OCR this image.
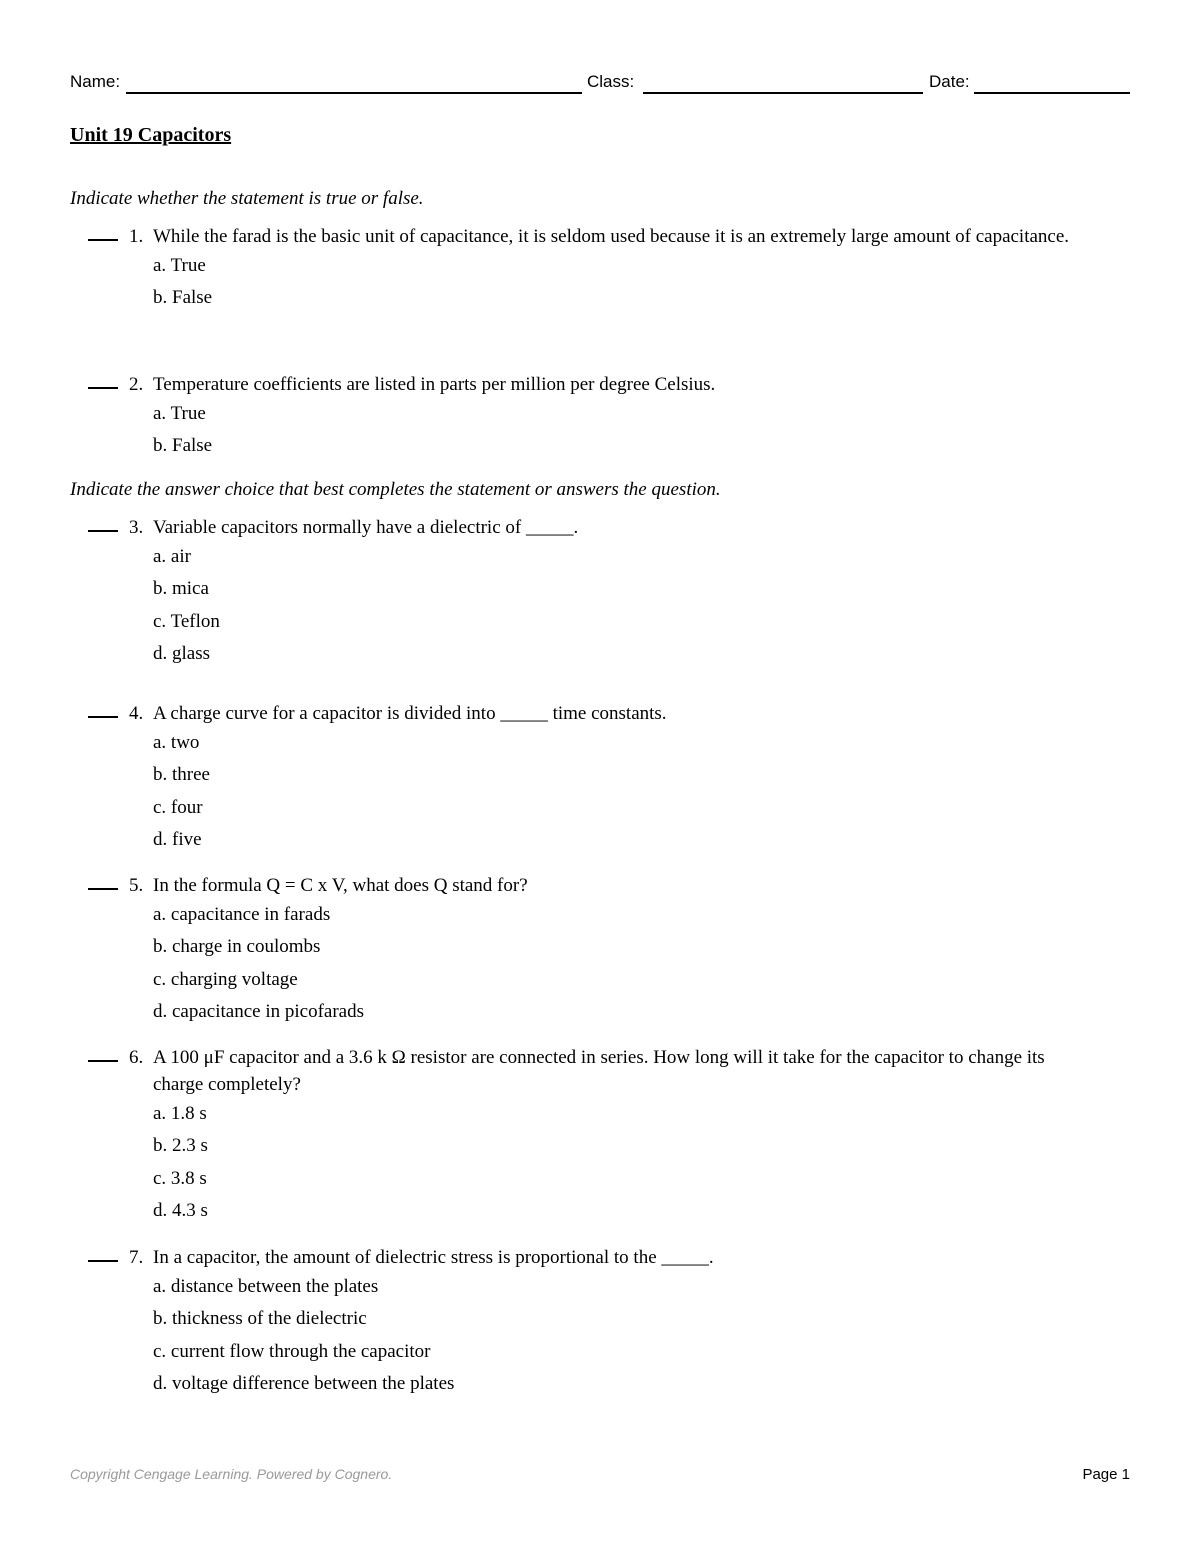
Name:	Class:	Date:
Unit 19 Capacitors
Indicate whether the statement is true or false.
1. While the farad is the basic unit of capacitance, it is seldom used because it is an extremely large amount of capacitance.
a. True
b. False
2. Temperature coefficients are listed in parts per million per degree Celsius.
a. True
b. False
Indicate the answer choice that best completes the statement or answers the question.
3. Variable capacitors normally have a dielectric of _____.
a. air
b. mica
c. Teflon
d. glass
4. A charge curve for a capacitor is divided into _____ time constants.
a. two
b. three
c. four
d. five
5. In the formula Q = C x V, what does Q stand for?
a. capacitance in farads
b. charge in coulombs
c. charging voltage
d. capacitance in picofarads
6. A 100 μF capacitor and a 3.6 k Ω resistor are connected in series. How long will it take for the capacitor to change its charge completely?
a. 1.8 s
b. 2.3 s
c. 3.8 s
d. 4.3 s
7. In a capacitor, the amount of dielectric stress is proportional to the _____.
a. distance between the plates
b. thickness of the dielectric
c. current flow through the capacitor
d. voltage difference between the plates
Copyright Cengage Learning. Powered by Cognero.	Page 1
